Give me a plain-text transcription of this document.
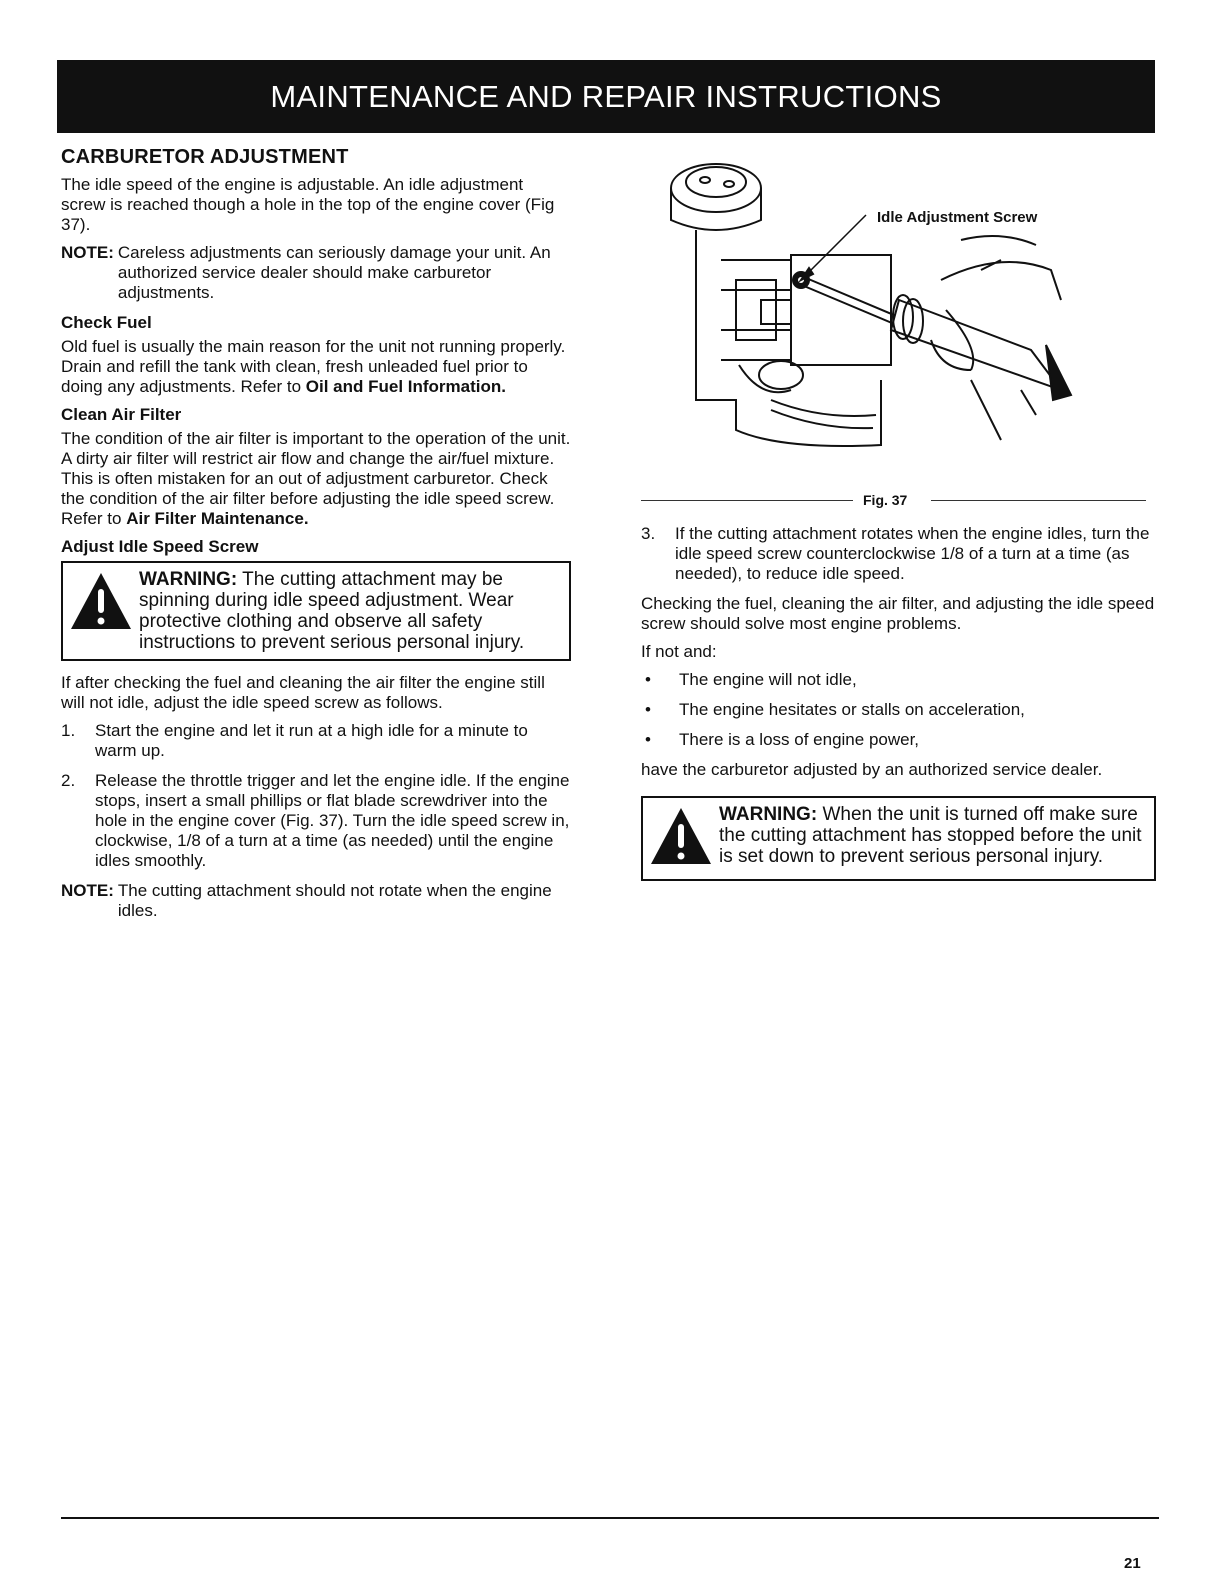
MAINTENANCE AND REPAIR INSTRUCTIONS
CARBURETOR ADJUSTMENT

The idle speed of the engine is adjustable. An idle adjustment screw is reached though a hole in the top of the engine cover (Fig 37).

NOTE: Careless adjustments can seriously damage your unit. An authorized service dealer should make carburetor adjustments.
Check Fuel

Old fuel is usually the main reason for the unit not running properly. Drain and refill the tank with clean, fresh unleaded fuel prior to doing any adjustments. Refer to Oil and Fuel Information.

Clean Air Filter

The condition of the air filter is important to the operation of the unit. A dirty air filter will restrict air flow and change the air/fuel mixture. This is often mistaken for an out of adjustment carburetor. Check the condition of the air filter before adjusting the idle speed screw. Refer to Air Filter Maintenance.

Adjust Idle Speed Screw
WARNING: The cutting attachment may be spinning during idle speed adjustment. Wear protective clothing and observe all safety instructions to prevent serious personal injury.

If after checking the fuel and cleaning the air filter the engine still will not idle, adjust the idle speed screw as follows.

1.	Start the engine and let it run at a high idle for a minute to warm up.
2.	Release the throttle trigger and let the engine idle. If the engine stops, insert a small phillips or flat blade screwdriver into the hole in the engine cover (Fig. 37). Turn the idle speed screw in, clockwise, 1/8 of a turn at a time (as needed) until the engine idles smoothly.
NOTE: The cutting attachment should not rotate when the engine idles.
Idle Adjustment Screw
Fig. 37
3.	If the cutting attachment rotates when the engine idles, turn the idle speed screw counterclockwise 1/8 of a turn at a time (as needed), to reduce idle speed.

Checking the fuel, cleaning the air filter, and adjusting the idle speed screw should solve most engine problems.

If not and:

•	The engine will not idle,
•	The engine hesitates or stalls on acceleration,
•	There is a loss of engine power,

have the carburetor adjusted by an authorized service dealer.

WARNING: When the unit is turned off make sure the cutting attachment has stopped before the unit is set down to prevent serious personal injury.
21
